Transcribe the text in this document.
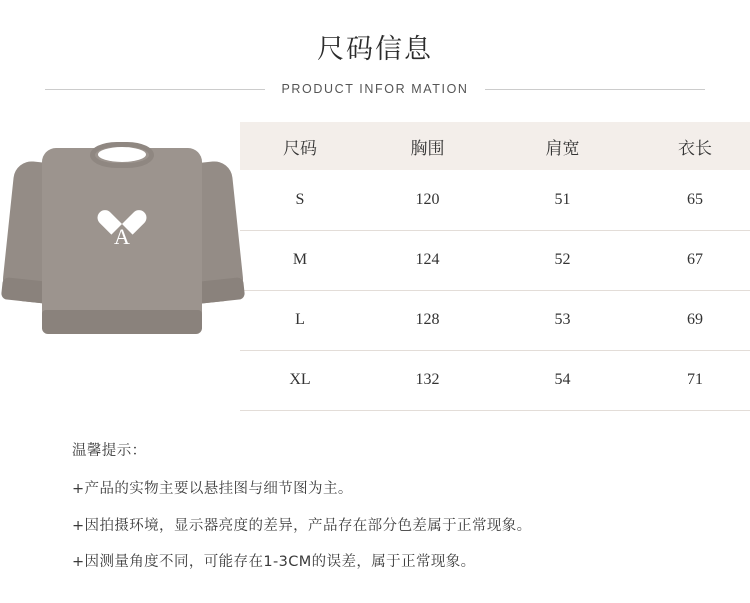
尺码信息
PRODUCT INFOR MATION
A
尺码	胸围	肩宽	衣长
S	120	51	65
M	124	52	67
L	128	53	69
XL	132	54	71
温馨提示：
+产品的实物主要以悬挂图与细节图为主。
+因拍摄环境，显示器亮度的差异，产品存在部分色差属于正常现象。
+因测量角度不同，可能存在1-3CM的误差，属于正常现象。
